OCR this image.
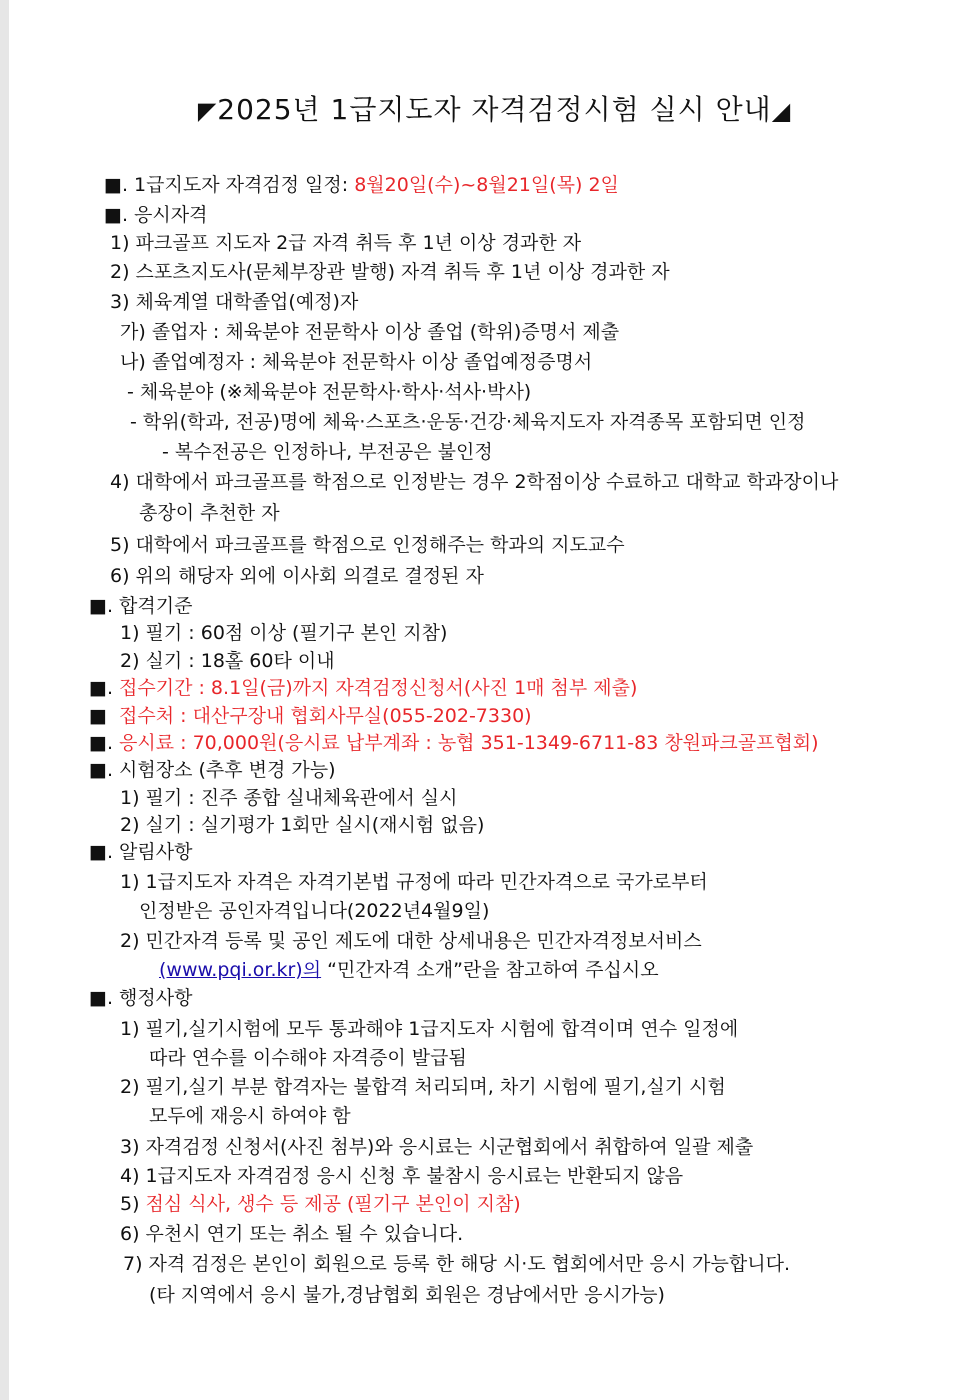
◤2025년 1급지도자 자격검정시험 실시 안내◢
■. 1급지도자 자격검정 일정: 8월20일(수)~8월21일(목) 2일
■. 응시자격
1) 파크골프 지도자 2급 자격 취득 후 1년 이상 경과한 자
2) 스포츠지도사(문체부장관 발행) 자격 취득 후 1년 이상 경과한 자
3) 체육계열 대학졸업(예정)자
가) 졸업자 : 체육분야 전문학사 이상 졸업 (학위)증명서 제출
나) 졸업예정자 : 체육분야 전문학사 이상 졸업예정증명서
- 체육분야 (※체육분야 전문학사·학사·석사·박사)
- 학위(학과, 전공)명에 체육·스포츠·운동·건강·체육지도자 자격종목 포함되면 인정
- 복수전공은 인정하나, 부전공은 불인정
4) 대학에서 파크골프를 학점으로 인정받는 경우 2학점이상 수료하고 대학교 학과장이나
총장이 추천한 자
5) 대학에서 파크골프를 학점으로 인정해주는 학과의 지도교수
6) 위의 해당자 외에 이사회 의결로 결정된 자
■. 합격기준
1) 필기 : 60점 이상 (필기구 본인 지참)
2) 실기 : 18홀 60타 이내
■. 접수기간 : 8.1일(금)까지 자격검정신청서(사진 1매 첨부 제출)
■  접수처 : 대산구장내 협회사무실(055-202-7330)
■. 응시료 : 70,000원(응시료 납부계좌 : 농협 351-1349-6711-83 창원파크골프협회)
■. 시험장소 (추후 변경 가능)
1) 필기 : 진주 종합 실내체육관에서 실시
2) 실기 : 실기평가 1회만 실시(재시험 없음)
■. 알림사항
1) 1급지도자 자격은 자격기본법 규정에 따라 민간자격으로 국가로부터
인정받은 공인자격입니다(2022년4월9일)
2) 민간자격 등록 및 공인 제도에 대한 상세내용은 민간자격정보서비스
(www.pqi.or.kr)의 “민간자격 소개”란을 참고하여 주십시오
■. 행정사항
1) 필기,실기시험에 모두 통과해야 1급지도자 시험에 합격이며 연수 일정에
따라 연수를 이수해야 자격증이 발급됨
2) 필기,실기 부분 합격자는 불합격 처리되며, 차기 시험에 필기,실기 시험
모두에 재응시 하여야 함
3) 자격검정 신청서(사진 첨부)와 응시료는 시군협회에서 취합하여 일괄 제출
4) 1급지도자 자격검정 응시 신청 후 불참시 응시료는 반환되지 않음
5) 점심 식사, 생수 등 제공 (필기구 본인이 지참)
6) 우천시 연기 또는 취소 될 수 있습니다.
7) 자격 검정은 본인이 회원으로 등록 한 해당 시·도 협회에서만 응시 가능합니다.
(타 지역에서 응시 불가,경남협회 회원은 경남에서만 응시가능)
